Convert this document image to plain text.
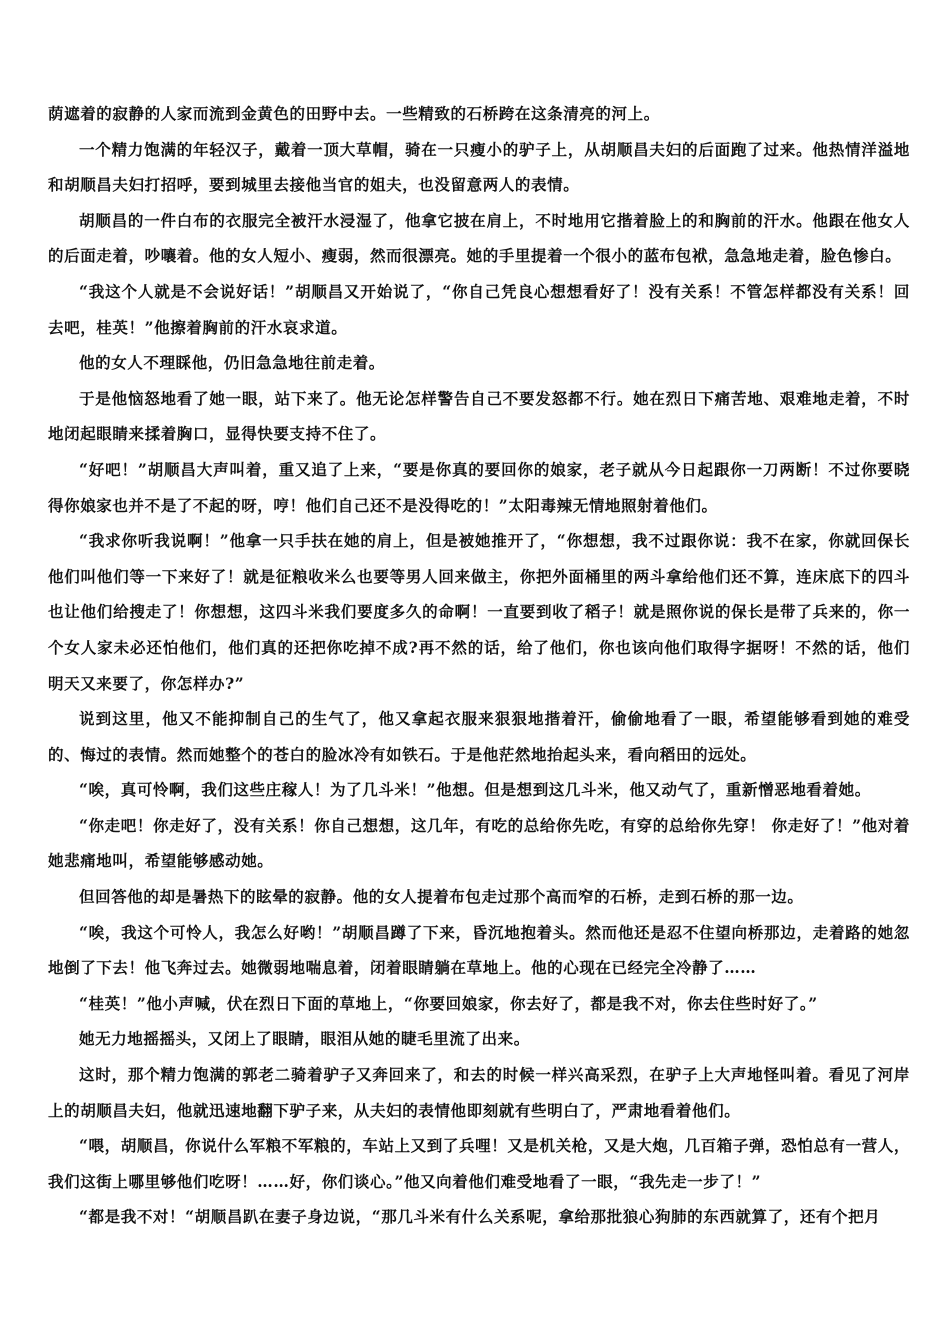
荫遮着的寂静的人家而流到金黄色的田野中去。一些精致的石桥跨在这条清亮的河上。

一个精力饱满的年轻汉子，戴着一顶大草帽，骑在一只瘦小的驴子上，从胡顺昌夫妇的后面跑了过来。他热情洋溢地和胡顺昌夫妇打招呼，要到城里去接他当官的姐夫，也没留意两人的表情。

胡顺昌的一件白布的衣服完全被汗水浸湿了，他拿它披在肩上，不时地用它揩着脸上的和胸前的汗水。他跟在他女人的后面走着，吵嚷着。他的女人短小、瘦弱，然而很漂亮。她的手里提着一个很小的蓝布包袱，急急地走着，脸色惨白。

“我这个人就是不会说好话！”胡顺昌又开始说了，“你自己凭良心想想看好了！没有关系！不管怎样都没有关系！回去吧，桂英！”他擦着胸前的汗水哀求道。

他的女人不理睬他，仍旧急急地往前走着。

于是他恼怒地看了她一眼，站下来了。他无论怎样警告自己不要发怒都不行。她在烈日下痛苦地、艰难地走着，不时地闭起眼睛来揉着胸口，显得快要支持不住了。

“好吧！”胡顺昌大声叫着，重又追了上来，“要是你真的要回你的娘家，老子就从今日起跟你一刀两断！不过你要晓得你娘家也并不是了不起的呀，哼！他们自己还不是没得吃的！”太阳毒辣无情地照射着他们。

“我求你听我说啊！”他拿一只手扶在她的肩上，但是被她推开了，“你想想，我不过跟你说：我不在家，你就回保长他们叫他们等一下来好了！就是征粮收米么也要等男人回来做主，你把外面桶里的两斗拿给他们还不算，连床底下的四斗也让他们给搜走了！你想想，这四斗米我们要度多久的命啊！一直要到收了稻子！就是照你说的保长是带了兵来的，你一个女人家未必还怕他们，他们真的还把你吃掉不成?再不然的话，给了他们，你也该向他们取得字据呀！不然的话，他们明天又来要了，你怎样办?”

说到这里，他又不能抑制自己的生气了，他又拿起衣服来狠狠地揩着汗，偷偷地看了一眼，希望能够看到她的难受的、悔过的表情。然而她整个的苍白的脸冰冷有如铁石。于是他茫然地抬起头来，看向稻田的远处。

“唉，真可怜啊，我们这些庄稼人！为了几斗米！”他想。但是想到这几斗米，他又动气了，重新憎恶地看着她。

“你走吧！你走好了，没有关系！你自己想想，这几年，有吃的总给你先吃，有穿的总给你先穿！ 你走好了！”他对着她悲痛地叫，希望能够感动她。

但回答他的却是暑热下的眩晕的寂静。他的女人提着布包走过那个高而窄的石桥，走到石桥的那一边。

“唉，我这个可怜人，我怎么好哟！”胡顺昌蹲了下来，昏沉地抱着头。然而他还是忍不住望向桥那边，走着路的她忽地倒了下去！他飞奔过去。她微弱地喘息着，闭着眼睛躺在草地上。他的心现在已经完全冷静了……

“桂英！”他小声喊，伏在烈日下面的草地上，“你要回娘家，你去好了，都是我不对，你去住些时好了。”

她无力地摇摇头，又闭上了眼睛，眼泪从她的睫毛里流了出来。

这时，那个精力饱满的郭老二骑着驴子又奔回来了，和去的时候一样兴高采烈，在驴子上大声地怪叫着。看见了河岸上的胡顺昌夫妇，他就迅速地翻下驴子来，从夫妇的表情他即刻就有些明白了，严肃地看着他们。

“喂，胡顺昌，你说什么军粮不军粮的，车站上又到了兵哩！又是机关枪，又是大炮，几百箱子弹，恐怕总有一营人，我们这街上哪里够他们吃呀！……好，你们谈心。”他又向着他们难受地看了一眼，“我先走一步了！”

“都是我不对！“胡顺昌趴在妻子身边说，“那几斗米有什么关系呢，拿给那批狼心狗肺的东西就算了，还有个把月
